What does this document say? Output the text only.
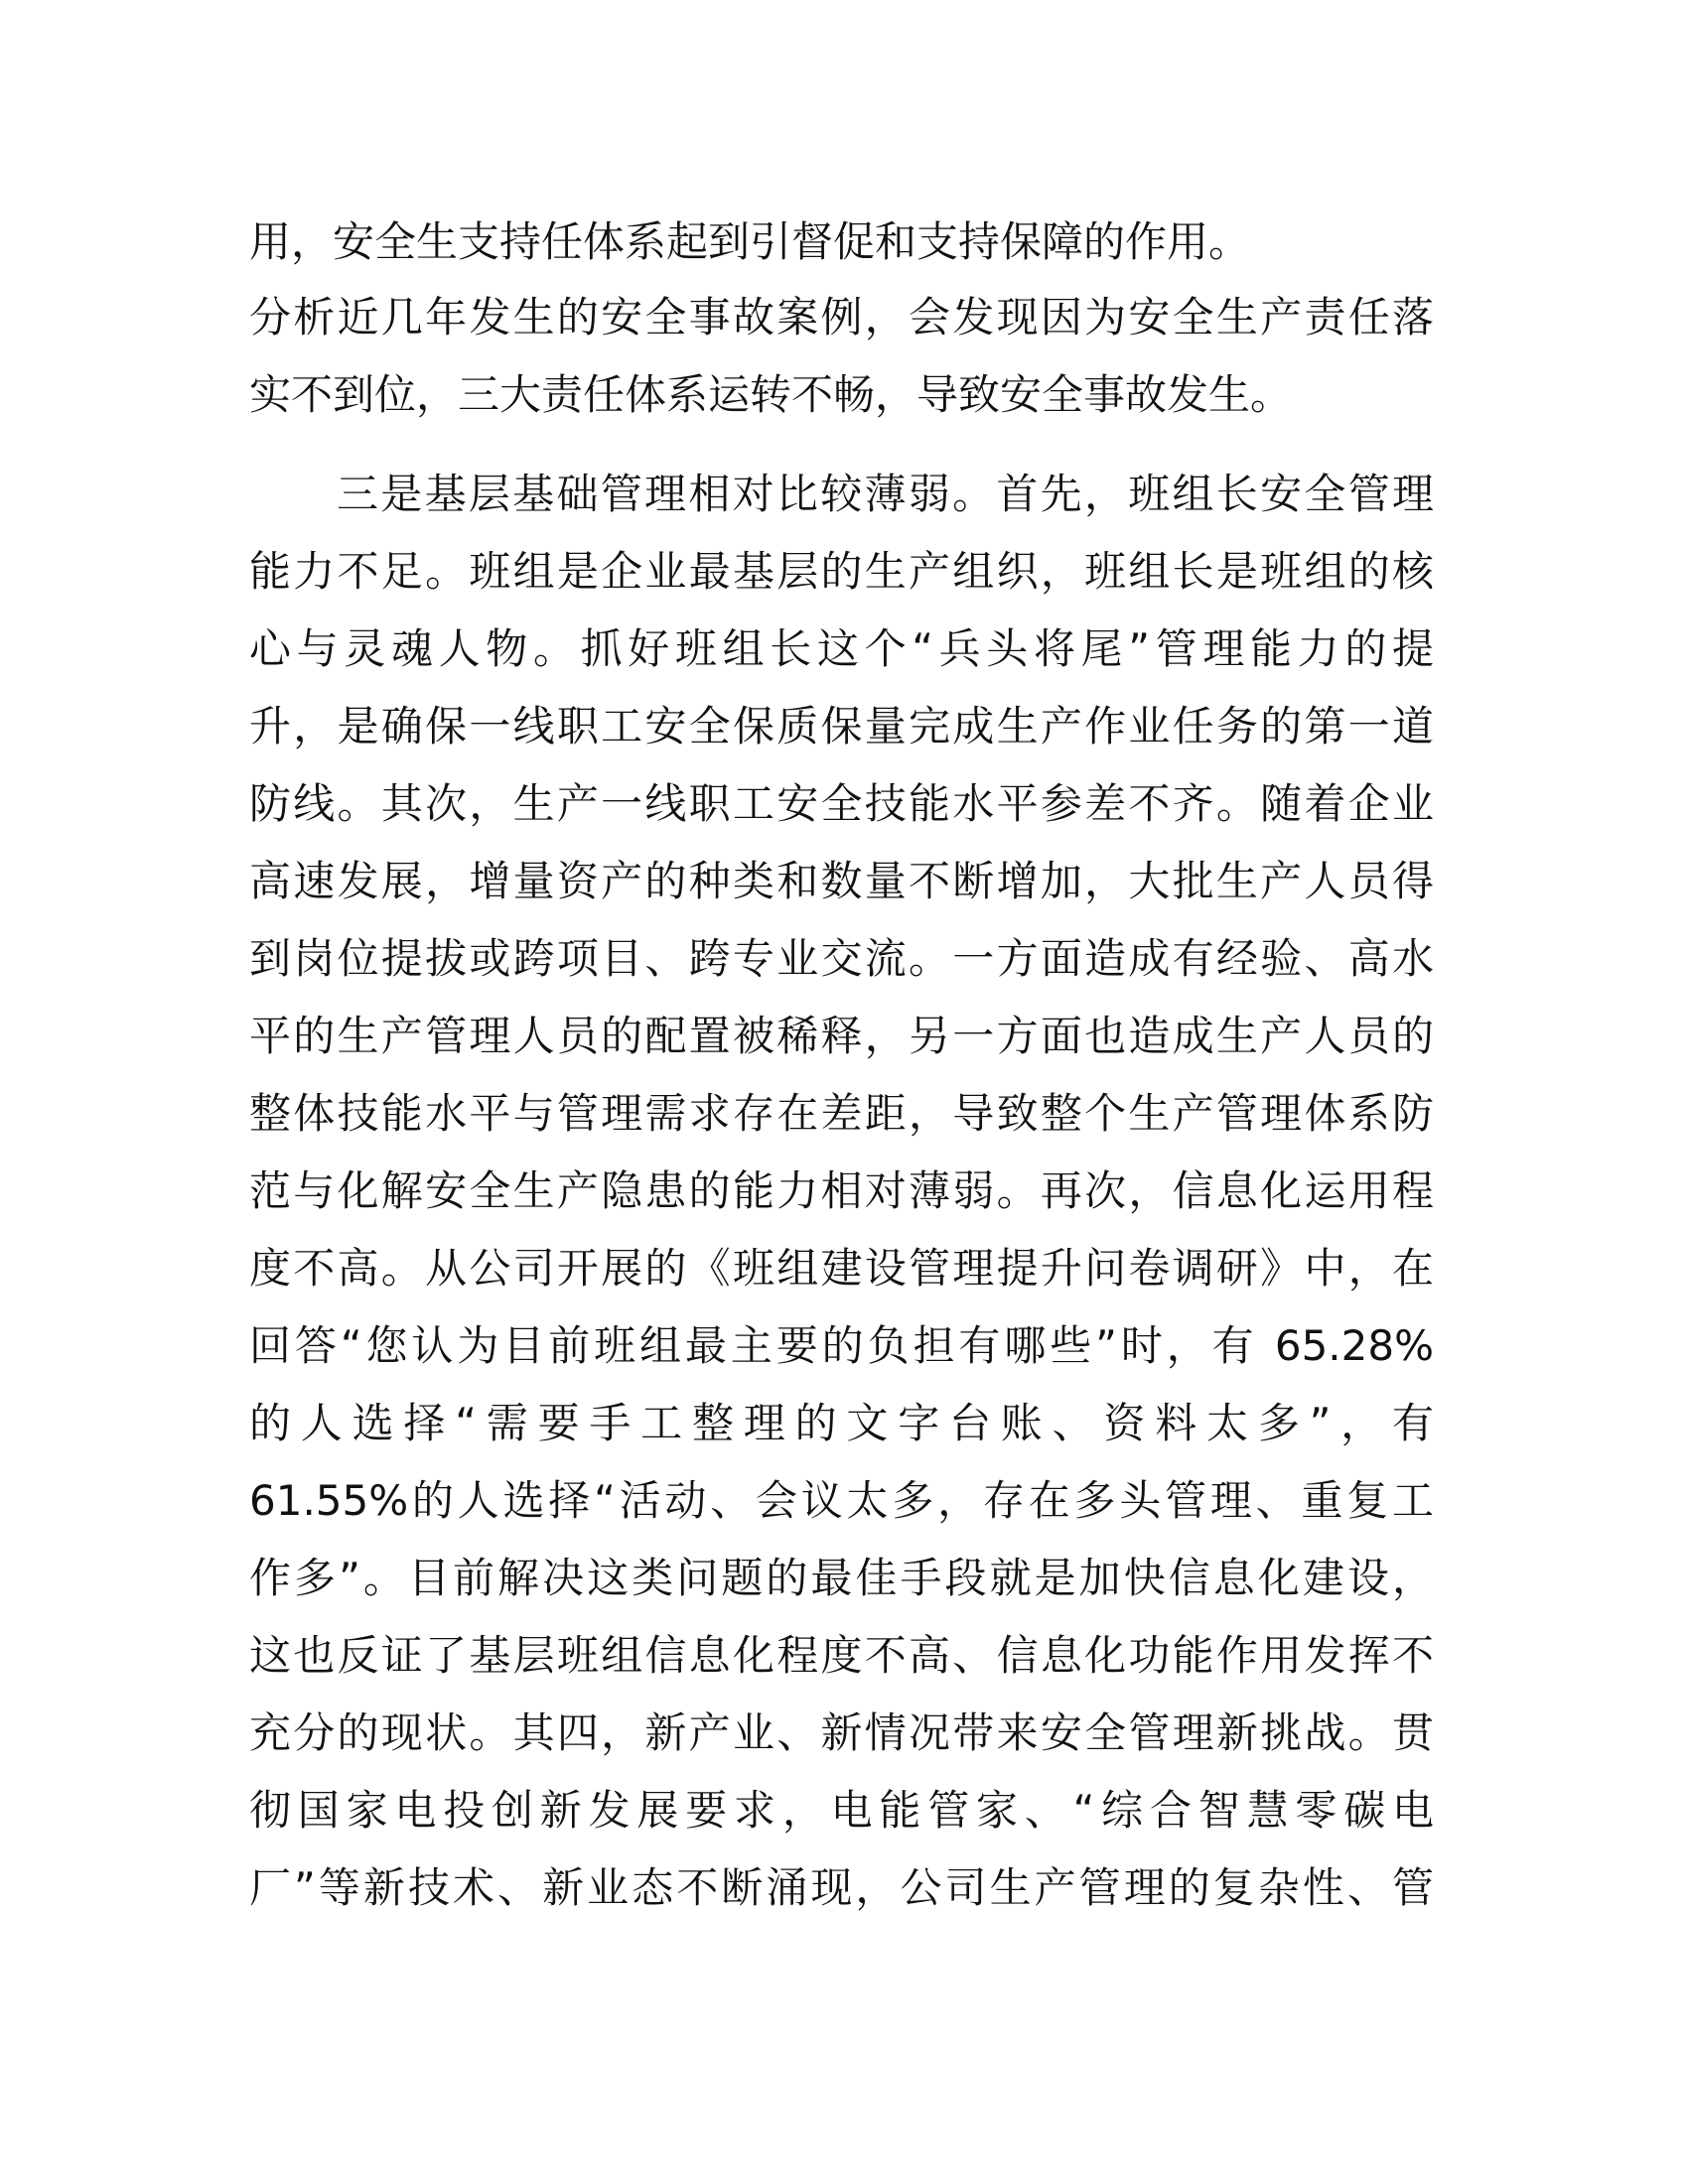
用，安全生支持任体系起到引督促和支持保障的作用。
分析近几年发生的安全事故案例，会发现因为安全生产责任落
实不到位，三大责任体系运转不畅，导致安全事故发生。
三是基层基础管理相对比较薄弱。首先，班组长安全管理
能力不足。班组是企业最基层的生产组织，班组长是班组的核
心与灵魂人物。抓好班组长这个“兵头将尾”管理能力的提
升，是确保一线职工安全保质保量完成生产作业任务的第一道
防线。其次，生产一线职工安全技能水平参差不齐。随着企业
高速发展，增量资产的种类和数量不断增加，大批生产人员得
到岗位提拔或跨项目、跨专业交流。一方面造成有经验、高水
平的生产管理人员的配置被稀释，另一方面也造成生产人员的
整体技能水平与管理需求存在差距，导致整个生产管理体系防
范与化解安全生产隐患的能力相对薄弱。再次，信息化运用程
度不高。从公司开展的《班组建设管理提升问卷调研》中，在
回答“您认为目前班组最主要的负担有哪些”时，有 65.28%
的人选择“需要手工整理的文字台账、资料太多”，有
61.55%的人选择“活动、会议太多，存在多头管理、重复工
作多”。目前解决这类问题的最佳手段就是加快信息化建设，
这也反证了基层班组信息化程度不高、信息化功能作用发挥不
充分的现状。其四，新产业、新情况带来安全管理新挑战。贯
彻国家电投创新发展要求，电能管家、“综合智慧零碳电
厂”等新技术、新业态不断涌现，公司生产管理的复杂性、管
